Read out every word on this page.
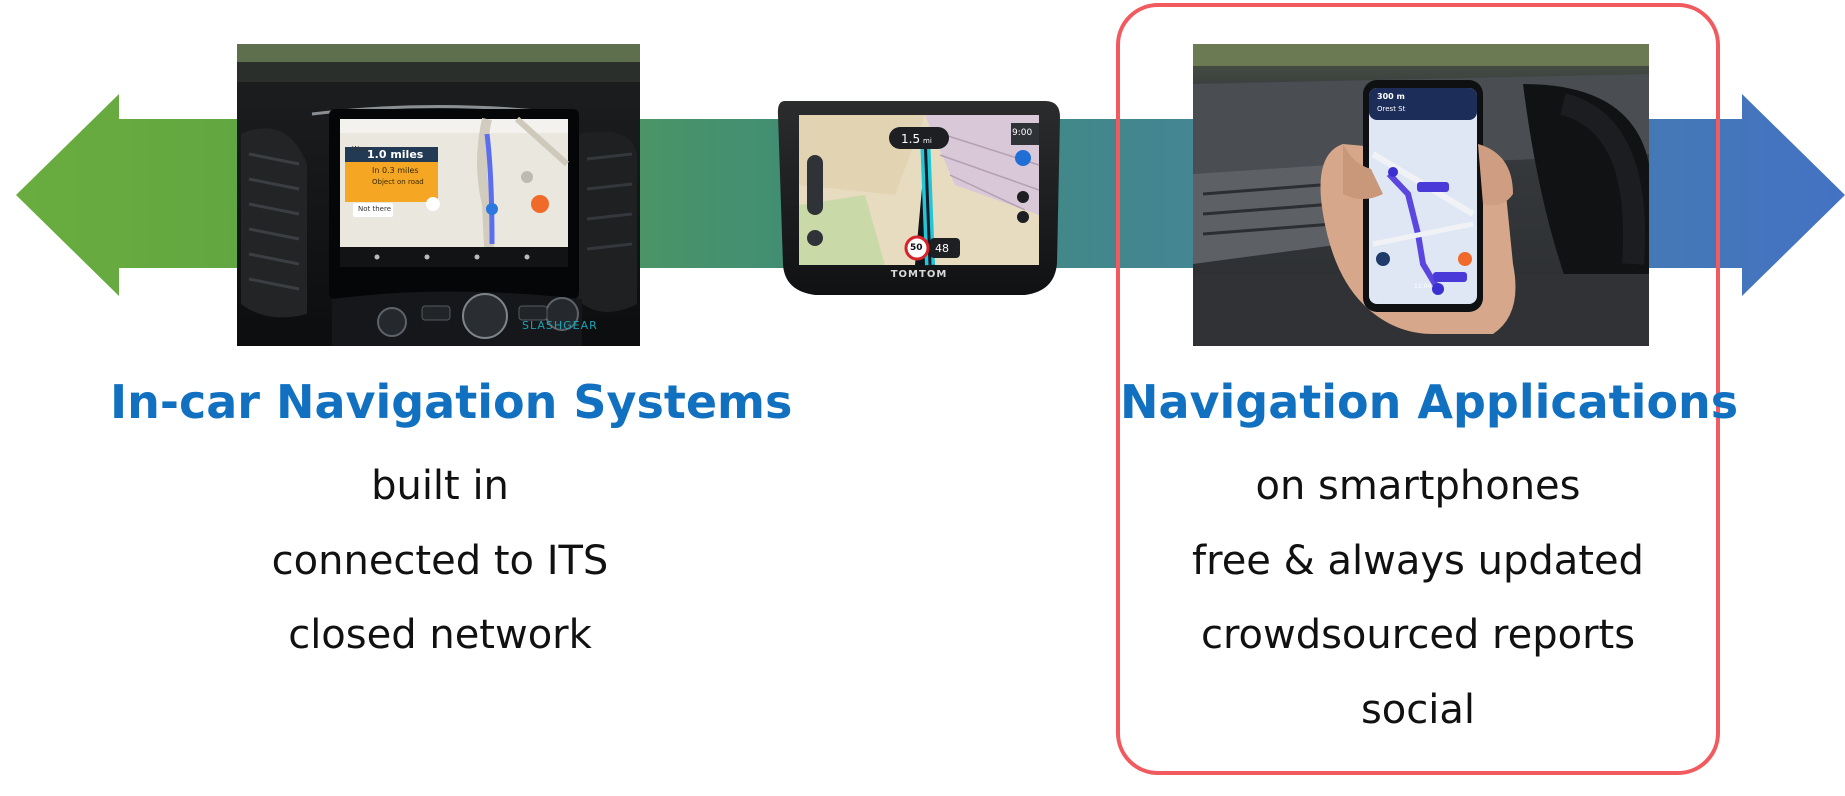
Ware
1.0 miles
In 0.3 miles
Object on road
Not there
SLASHGEAR
1.5 mi
9:00
50 48
TOMTOM
300 m
Orest St
11:04
In-car Navigation Systems
built in
connected to ITS
closed network
Navigation Applications
on smartphones
free & always updated
crowdsourced reports
social
